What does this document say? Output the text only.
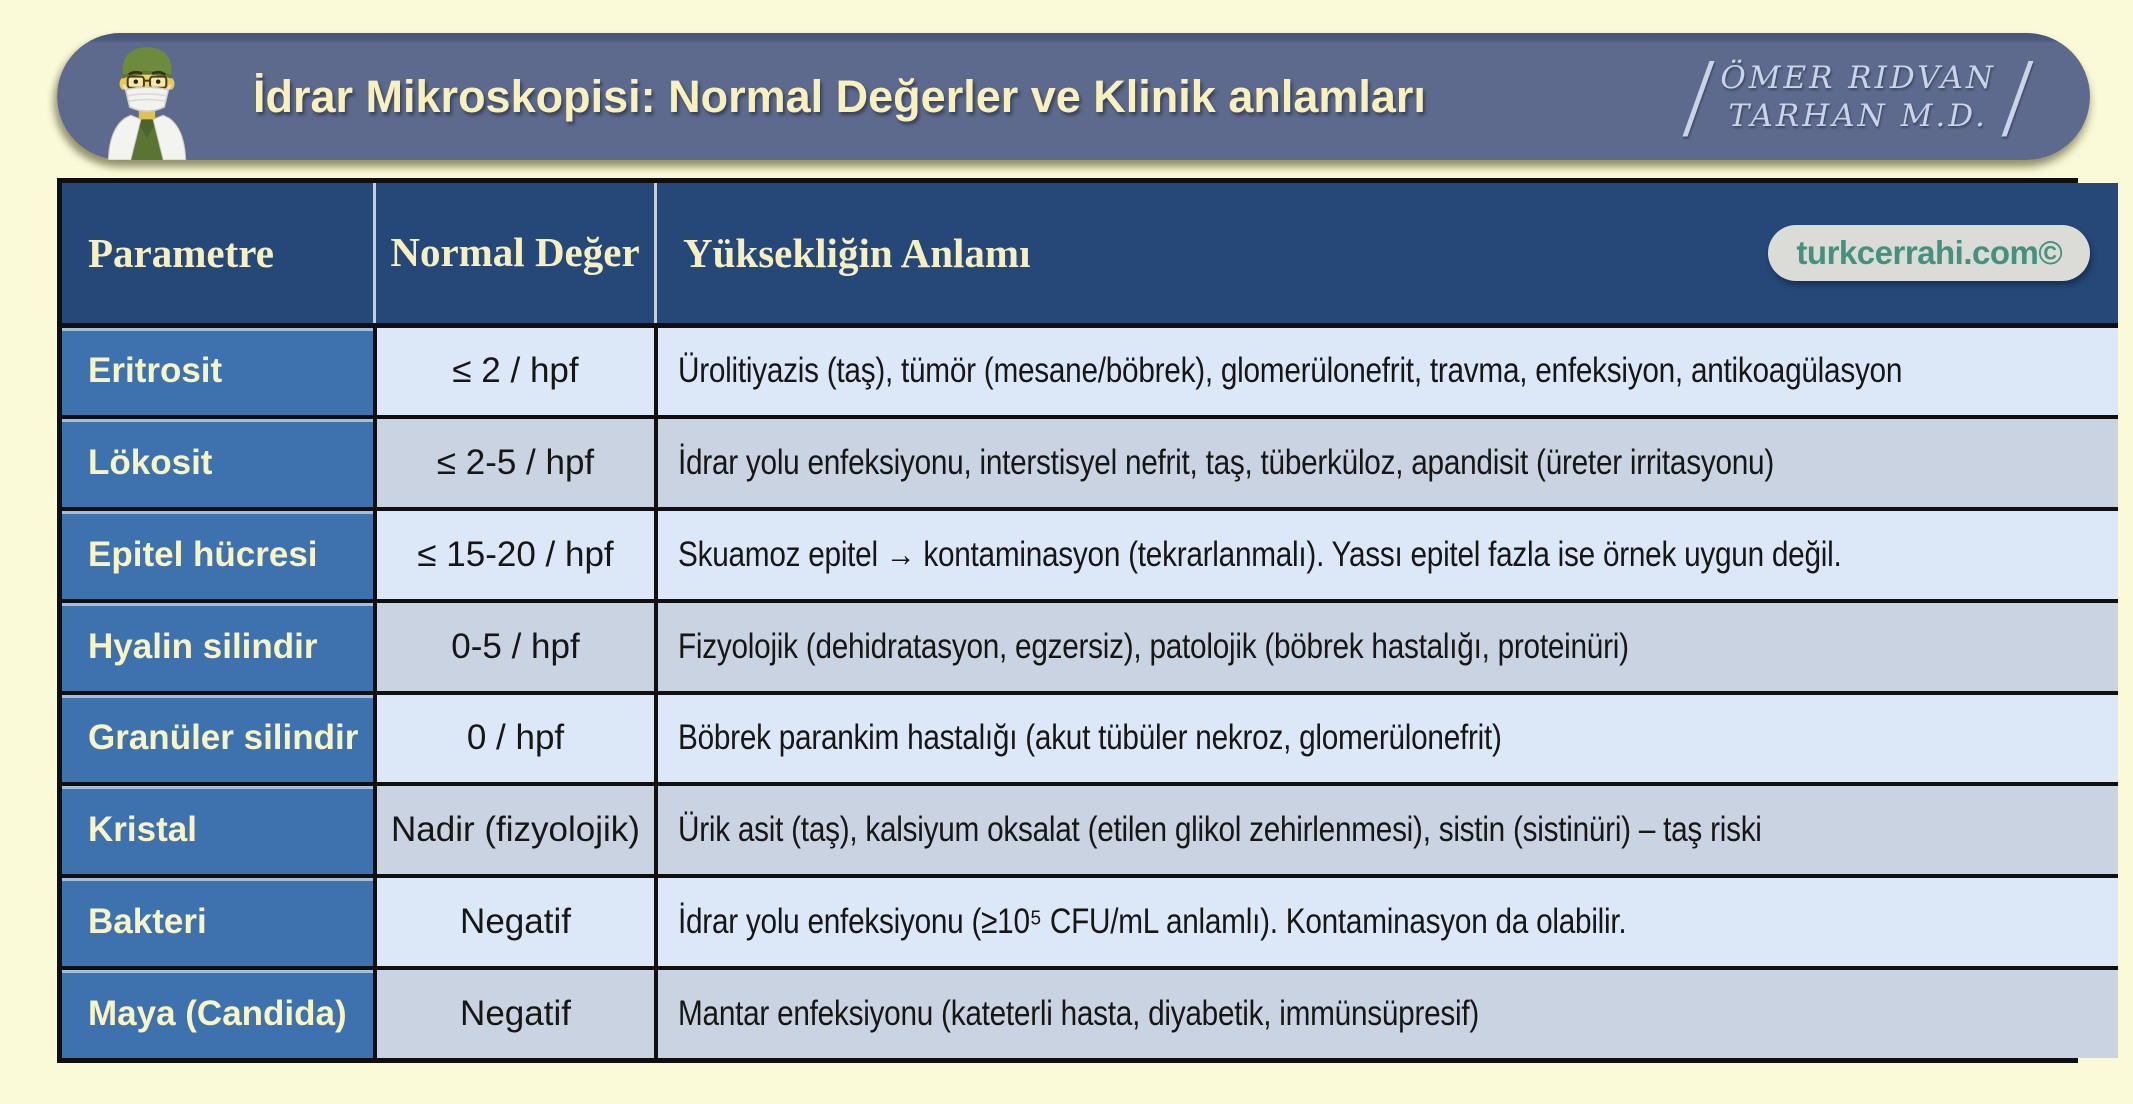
İdrar Mikroskopisi: Normal Değerler ve Klinik anlamları	/ ÖMER RIDVAN
TARHAN M.D. /
Parametre	Normal Değer	Yüksekliğin Anlamı	turkcerrahi.com©
Eritrosit	≤ 2 / hpf	Ürolitiyazis (taş), tümör (mesane/böbrek), glomerülonefrit, travma, enfeksiyon, antikoagülasyon
Lökosit	≤ 2-5 / hpf	İdrar yolu enfeksiyonu, interstisyel nefrit, taş, tüberküloz, apandisit (üreter irritasyonu)
Epitel hücresi	≤ 15-20 / hpf	Skuamoz epitel → kontaminasyon (tekrarlanmalı). Yassı epitel fazla ise örnek uygun değil.
Hyalin silindir	0-5 / hpf	Fizyolojik (dehidratasyon, egzersiz), patolojik (böbrek hastalığı, proteinüri)
Granüler silindir	0 / hpf	Böbrek parankim hastalığı (akut tübüler nekroz, glomerülonefrit)
Kristal	Nadir (fizyolojik)	Ürik asit (taş), kalsiyum oksalat (etilen glikol zehirlenmesi), sistin (sistinüri) – taş riski
Bakteri	Negatif	İdrar yolu enfeksiyonu (≥10⁵ CFU/mL anlamlı). Kontaminasyon da olabilir.
Maya (Candida)	Negatif	Mantar enfeksiyonu (kateterli hasta, diyabetik, immünsüpresif)
